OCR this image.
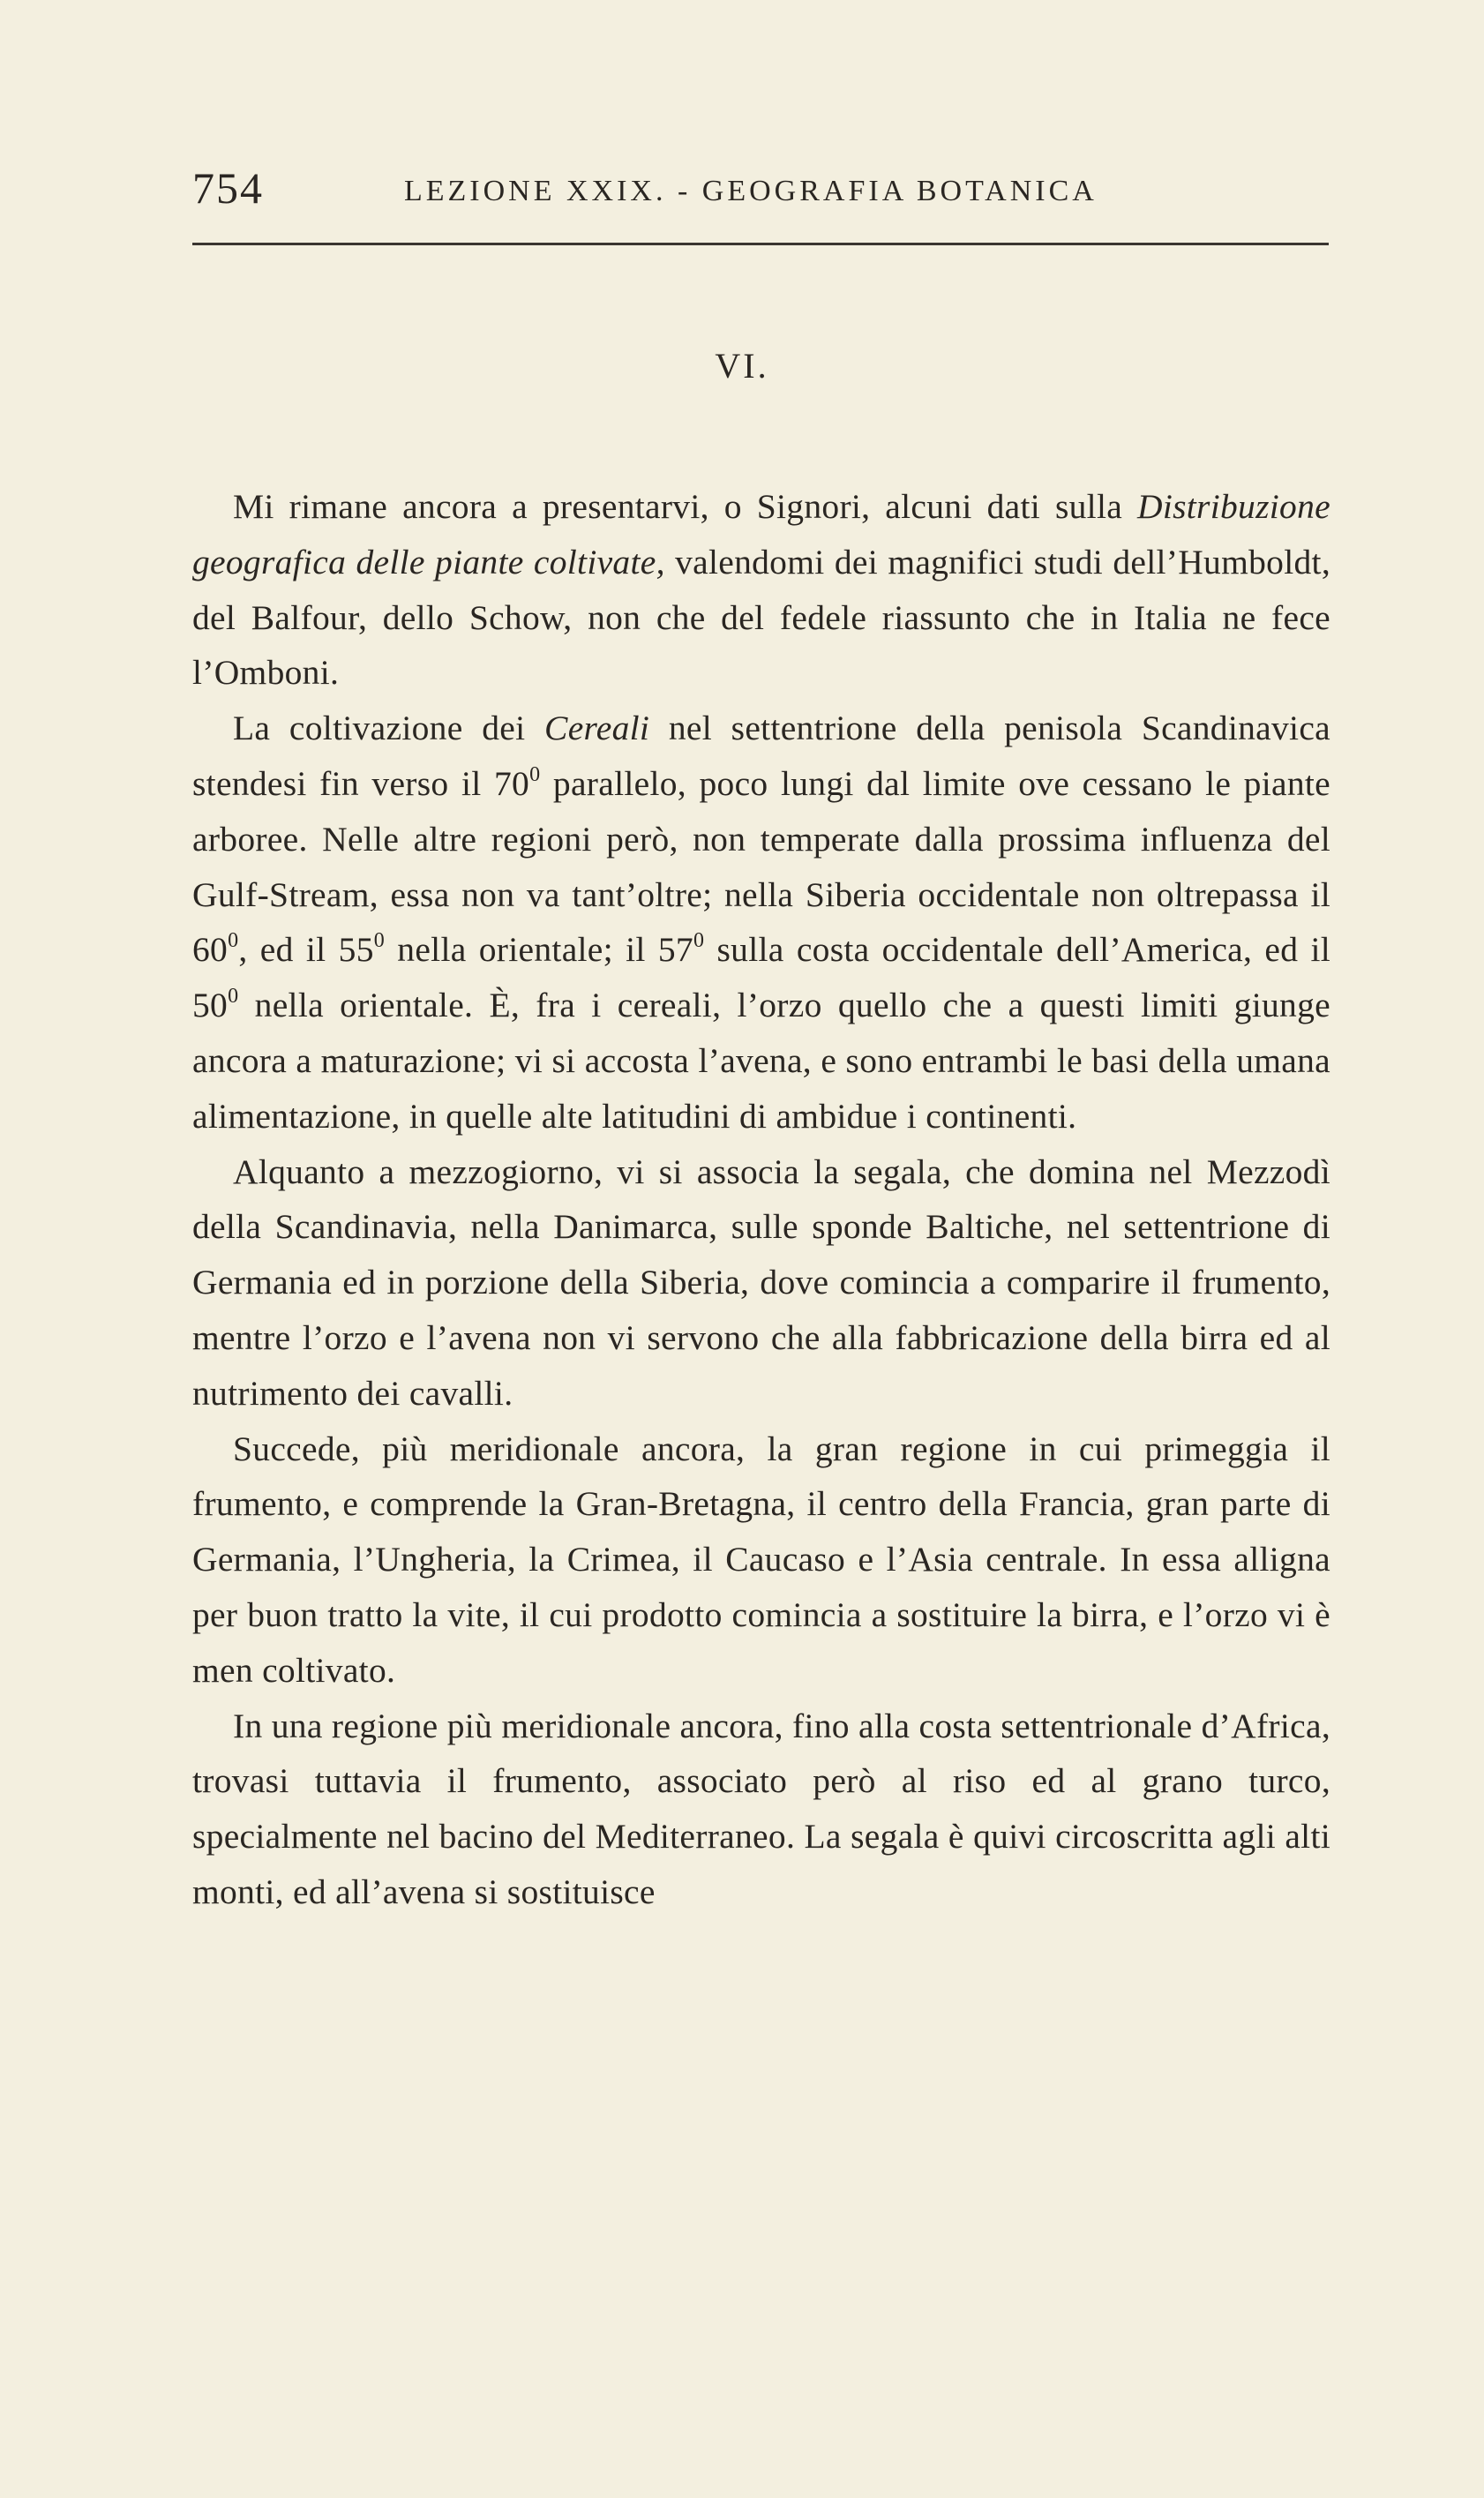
754	LEZIONE XXIX. - GEOGRAFIA BOTANICA
VI.

Mi rimane ancora a presentarvi, o Signori, alcuni dati sulla Distribuzione geografica delle piante coltivate, valendomi dei magnifici studi dell’Humboldt, del Balfour, dello Schow, non che del fedele riassunto che in Italia ne fece l’Omboni.

La coltivazione dei Cereali nel settentrione della penisola Scandinavica stendesi fin verso il $70^0$ parallelo, poco lungi dal limite ove cessano le piante arboree. Nelle altre regioni però, non temperate dalla prossima influenza del Gulf-Stream, essa non va tant’oltre; nella Siberia occidentale non oltrepassa il $60^0$, ed il $55^0$ nella orientale; il $57^0$ sulla costa occidentale dell’America, ed il $50^0$ nella orientale. È, fra i cereali, l’orzo quello che a questi limiti giunge ancora a maturazione; vi si accosta l’avena, e sono entrambi le basi della umana alimentazione, in quelle alte latitudini di ambidue i continenti.

Alquanto a mezzogiorno, vi si associa la segala, che domina nel Mezzodì della Scandinavia, nella Danimarca, sulle sponde Baltiche, nel settentrione di Germania ed in porzione della Siberia, dove comincia a comparire il frumento, mentre l’orzo e l’avena non vi servono che alla fabbricazione della birra ed al nutrimento dei cavalli.

Succede, più meridionale ancora, la gran regione in cui primeggia il frumento, e comprende la Gran-Bretagna, il centro della Francia, gran parte di Germania, l’Ungheria, la Crimea, il Caucaso e l’Asia centrale. In essa alligna per buon tratto la vite, il cui prodotto comincia a sostituire la birra, e l’orzo vi è men coltivato.

In una regione più meridionale ancora, fino alla costa settentrionale d’Africa, trovasi tuttavia il frumento, associato però al riso ed al grano turco, specialmente nel bacino del Mediterraneo. La segala è quivi circoscritta agli alti monti, ed all’avena si sostituisce
